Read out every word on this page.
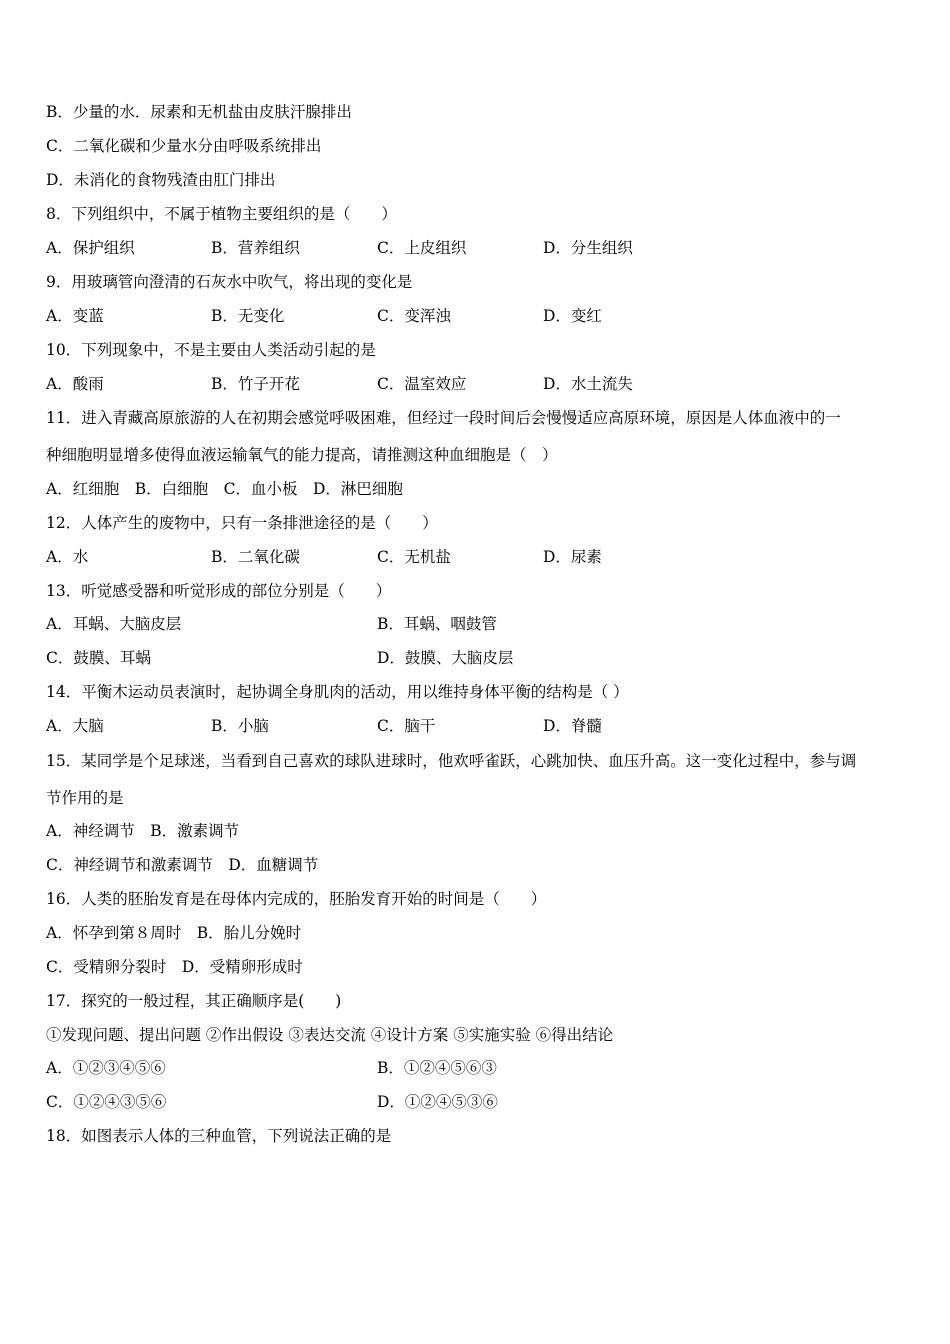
B．少量的水．尿素和无机盐由皮肤汗腺排出
C．二氧化碳和少量水分由呼吸系统排出
D．未消化的食物残渣由肛门排出
8．下列组织中，不属于植物主要组织的是（　　）
A．保护组织	B．营养组织	C．上皮组织	D．分生组织
9．用玻璃管向澄清的石灰水中吹气，将出现的变化是
A．变蓝	B．无变化	C．变浑浊	D．变红
10．下列现象中，不是主要由人类活动引起的是
A．酸雨	B．竹子开花	C．温室效应	D．水土流失
11．进入青藏高原旅游的人在初期会感觉呼吸困难，但经过一段时间后会慢慢适应高原环境，原因是人体血液中的一
种细胞明显增多使得血液运输氧气的能力提高，请推测这种血细胞是（　）
A．红细胞　B．白细胞　C．血小板　D．淋巴细胞
12．人体产生的废物中，只有一条排泄途径的是（　　）
A．水	B．二氧化碳	C．无机盐	D．尿素
13．听觉感受器和听觉形成的部位分别是（　　）
A．耳蜗、大脑皮层	B．耳蜗、咽鼓管
C．鼓膜、耳蜗	D．鼓膜、大脑皮层
14．平衡木运动员表演时，起协调全身肌肉的活动，用以维持身体平衡的结构是（ ）
A．大脑	B．小脑	C．脑干	D．脊髓
15．某同学是个足球迷，当看到自己喜欢的球队进球时，他欢呼雀跃，心跳加快、血压升高。这一变化过程中，参与调
节作用的是
A．神经调节　B．激素调节
C．神经调节和激素调节　D．血糖调节
16．人类的胚胎发育是在母体内完成的，胚胎发育开始的时间是（　　）
A．怀孕到第８周时　B．胎儿分娩时
C．受精卵分裂时　D．受精卵形成时
17．探究的一般过程，其正确顺序是(　　)
①发现问题、提出问题 ②作出假设 ③表达交流 ④设计方案 ⑤实施实验 ⑥得出结论
A．①②③④⑤⑥	B．①②④⑤⑥③
C．①②④③⑤⑥	D．①②④⑤③⑥
18．如图表示人体的三种血管，下列说法正确的是
